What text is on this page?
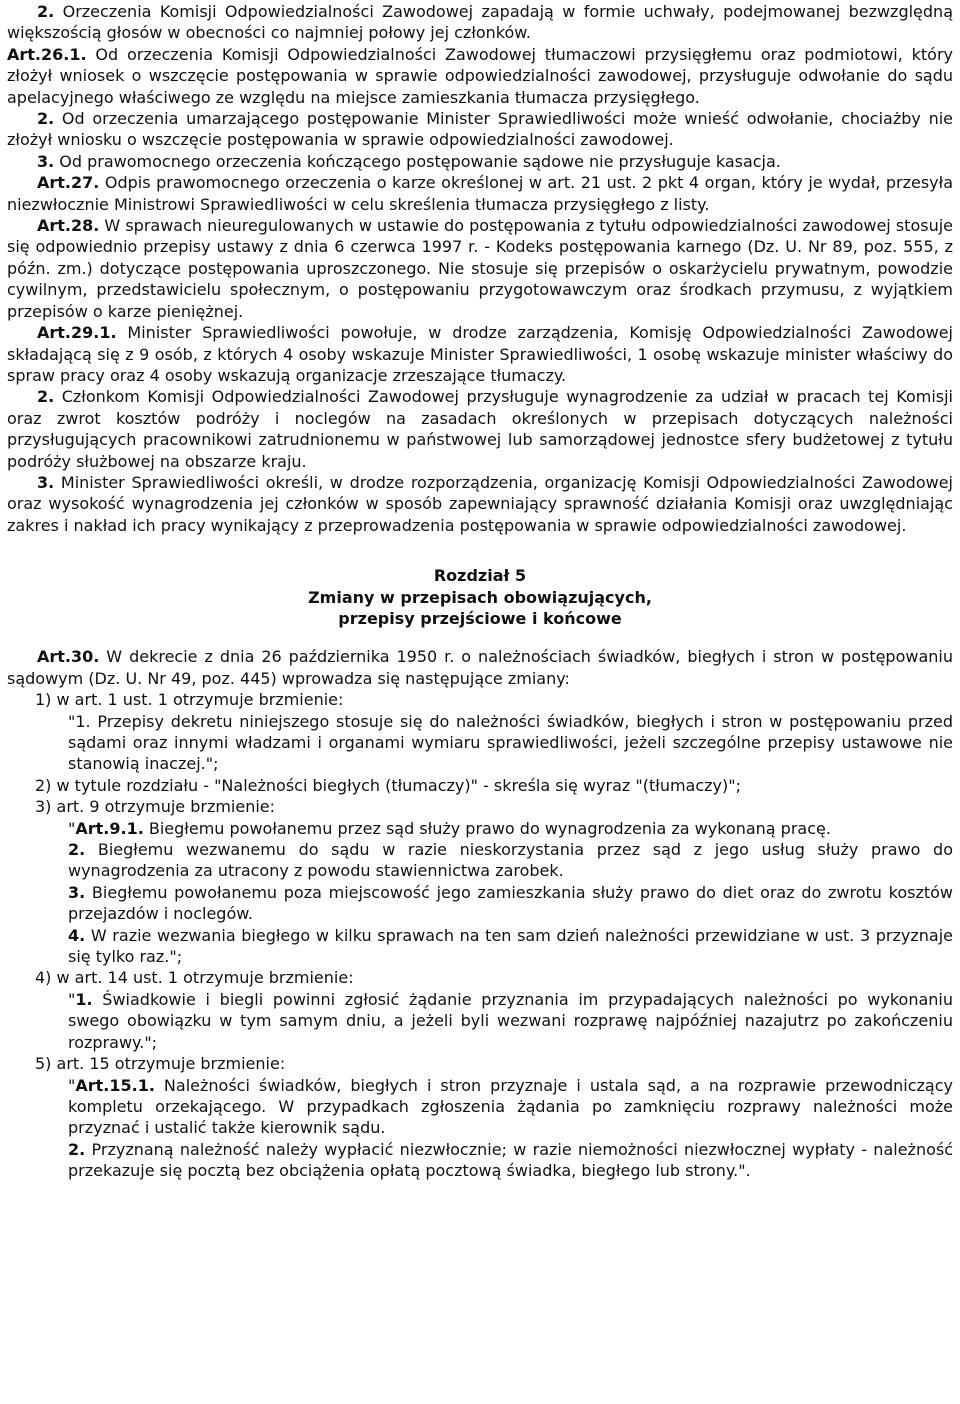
2. Orzeczenia Komisji Odpowiedzialności Zawodowej zapadają w formie uchwały, podejmowanej bezwzględną większością głosów w obecności co najmniej połowy jej członków.

Art.26.1. Od orzeczenia Komisji Odpowiedzialności Zawodowej tłumaczowi przysięgłemu oraz podmiotowi, który złożył wniosek o wszczęcie postępowania w sprawie odpowiedzialności zawodowej, przysługuje odwołanie do sądu apelacyjnego właściwego ze względu na miejsce zamieszkania tłumacza przysięgłego.

2. Od orzeczenia umarzającego postępowanie Minister Sprawiedliwości może wnieść odwołanie, chociażby nie złożył wniosku o wszczęcie postępowania w sprawie odpowiedzialności zawodowej.

3. Od prawomocnego orzeczenia kończącego postępowanie sądowe nie przysługuje kasacja.

Art.27. Odpis prawomocnego orzeczenia o karze określonej w art. 21 ust. 2 pkt 4 organ, który je wydał, przesyła niezwłocznie Ministrowi Sprawiedliwości w celu skreślenia tłumacza przysięgłego z listy.

Art.28. W sprawach nieuregulowanych w ustawie do postępowania z tytułu odpowiedzialności zawodowej stosuje się odpowiednio przepisy ustawy z dnia 6 czerwca 1997 r. - Kodeks postępowania karnego (Dz. U. Nr 89, poz. 555, z późn. zm.) dotyczące postępowania uproszczonego. Nie stosuje się przepisów o oskarżycielu prywatnym, powodzie cywilnym, przedstawicielu społecznym, o postępowaniu przygotowawczym oraz środkach przymusu, z wyjątkiem przepisów o karze pieniężnej.

Art.29.1. Minister Sprawiedliwości powołuje, w drodze zarządzenia, Komisję Odpowiedzialności Zawodowej składającą się z 9 osób, z których 4 osoby wskazuje Minister Sprawiedliwości, 1 osobę wskazuje minister właściwy do spraw pracy oraz 4 osoby wskazują organizacje zrzeszające tłumaczy.

2. Członkom Komisji Odpowiedzialności Zawodowej przysługuje wynagrodzenie za udział w pracach tej Komisji oraz zwrot kosztów podróży i noclegów na zasadach określonych w przepisach dotyczących należności przysługujących pracownikowi zatrudnionemu w państwowej lub samorządowej jednostce sfery budżetowej z tytułu podróży służbowej na obszarze kraju.

3. Minister Sprawiedliwości określi, w drodze rozporządzenia, organizację Komisji Odpowiedzialności Zawodowej oraz wysokość wynagrodzenia jej członków w sposób zapewniający sprawność działania Komisji oraz uwzględniając zakres i nakład ich pracy wynikający z przeprowadzenia postępowania w sprawie odpowiedzialności zawodowej.

Rozdział 5

Zmiany w przepisach obowiązujących,

przepisy przejściowe i końcowe

Art.30. W dekrecie z dnia 26 października 1950 r. o należnościach świadków, biegłych i stron w postępowaniu sądowym (Dz. U. Nr 49, poz. 445) wprowadza się następujące zmiany:

1) w art. 1 ust. 1 otrzymuje brzmienie:

"1. Przepisy dekretu niniejszego stosuje się do należności świadków, biegłych i stron w postępowaniu przed sądami oraz innymi władzami i organami wymiaru sprawiedliwości, jeżeli szczególne przepisy ustawowe nie stanowią inaczej.";

2) w tytule rozdziału - "Należności biegłych (tłumaczy)" - skreśla się wyraz "(tłumaczy)";

3) art. 9 otrzymuje brzmienie:

"Art.9.1. Biegłemu powołanemu przez sąd służy prawo do wynagrodzenia za wykonaną pracę.

2. Biegłemu wezwanemu do sądu w razie nieskorzystania przez sąd z jego usług służy prawo do wynagrodzenia za utracony z powodu stawiennictwa zarobek.

3. Biegłemu powołanemu poza miejscowość jego zamieszkania służy prawo do diet oraz do zwrotu kosztów przejazdów i noclegów.

4. W razie wezwania biegłego w kilku sprawach na ten sam dzień należności przewidziane w ust. 3 przyznaje się tylko raz.";

4) w art. 14 ust. 1 otrzymuje brzmienie:

"1. Świadkowie i biegli powinni zgłosić żądanie przyznania im przypadających należności po wykonaniu swego obowiązku w tym samym dniu, a jeżeli byli wezwani rozprawę najpóźniej nazajutrz po zakończeniu rozprawy.";

5) art. 15 otrzymuje brzmienie:

"Art.15.1. Należności świadków, biegłych i stron przyznaje i ustala sąd, a na rozprawie przewodniczący kompletu orzekającego. W przypadkach zgłoszenia żądania po zamknięciu rozprawy należności może przyznać i ustalić także kierownik sądu.

2. Przyznaną należność należy wypłacić niezwłocznie; w razie niemożności niezwłocznej wypłaty - należność przekazuje się pocztą bez obciążenia opłatą pocztową świadka, biegłego lub strony.".
